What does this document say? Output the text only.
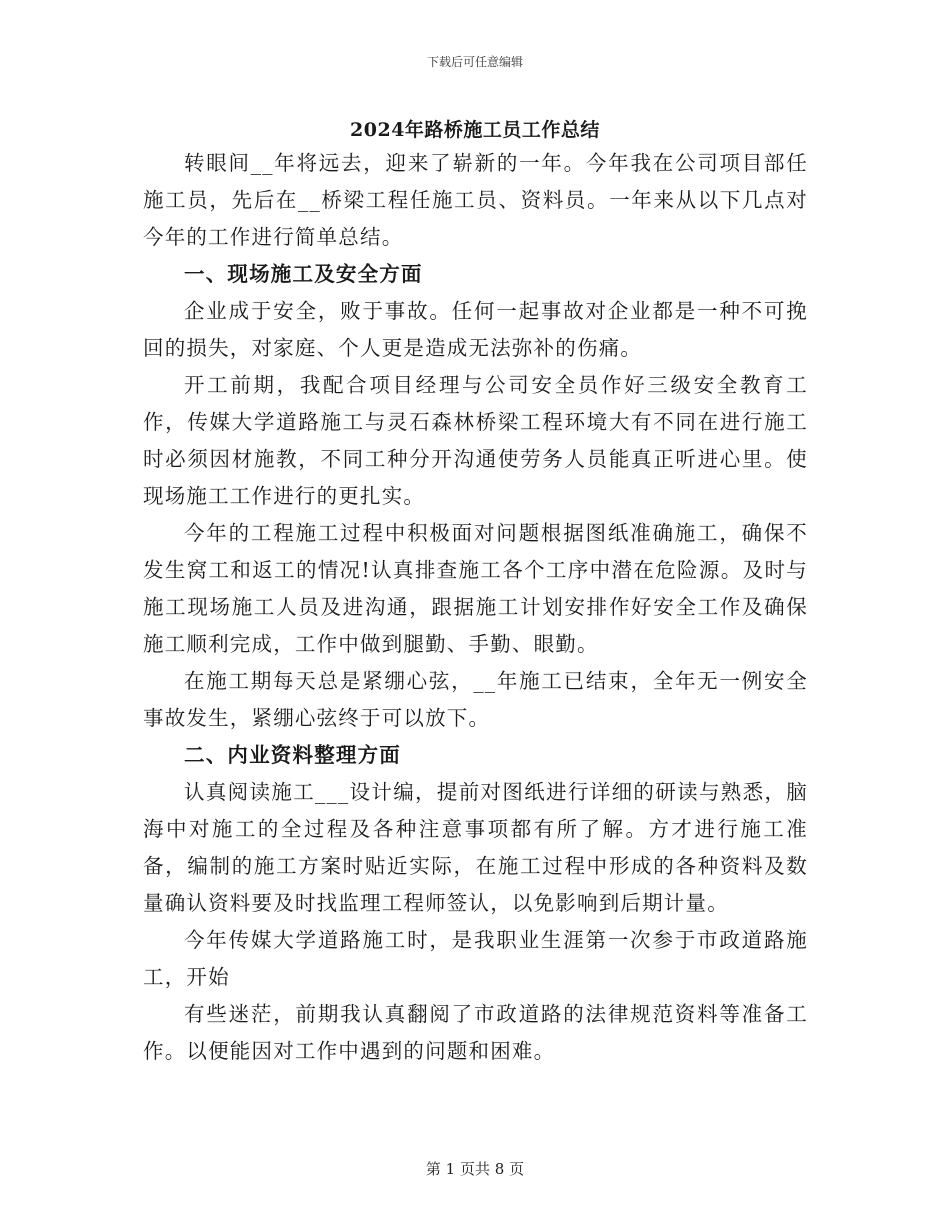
下载后可任意编辑
2024年路桥施工员工作总结

转眼间__年将远去，迎来了崭新的一年。今年我在公司项目部任施工员，先后在__桥梁工程任施工员、资料员。一年来从以下几点对今年的工作进行简单总结。

一、现场施工及安全方面

企业成于安全，败于事故。任何一起事故对企业都是一种不可挽回的损失，对家庭、个人更是造成无法弥补的伤痛。

开工前期，我配合项目经理与公司安全员作好三级安全教育工作，传媒大学道路施工与灵石森林桥梁工程环境大有不同在进行施工时必须因材施教，不同工种分开沟通使劳务人员能真正听进心里。使现场施工工作进行的更扎实。

今年的工程施工过程中积极面对问题根据图纸准确施工，确保不发生窝工和返工的情况!认真排查施工各个工序中潜在危险源。及时与施工现场施工人员及进沟通，跟据施工计划安排作好安全工作及确保施工顺利完成，工作中做到腿勤、手勤、眼勤。

在施工期每天总是紧绷心弦，__年施工已结束，全年无一例安全事故发生，紧绷心弦终于可以放下。

二、内业资料整理方面

认真阅读施工___设计编，提前对图纸进行详细的研读与熟悉，脑海中对施工的全过程及各种注意事项都有所了解。方才进行施工准备，编制的施工方案时贴近实际，在施工过程中形成的各种资料及数量确认资料要及时找监理工程师签认，以免影响到后期计量。

今年传媒大学道路施工时，是我职业生涯第一次参于市政道路施工，开始

有些迷茫，前期我认真翻阅了市政道路的法律规范资料等准备工作。以便能因对工作中遇到的问题和困难。

第 1 页共 8 页
